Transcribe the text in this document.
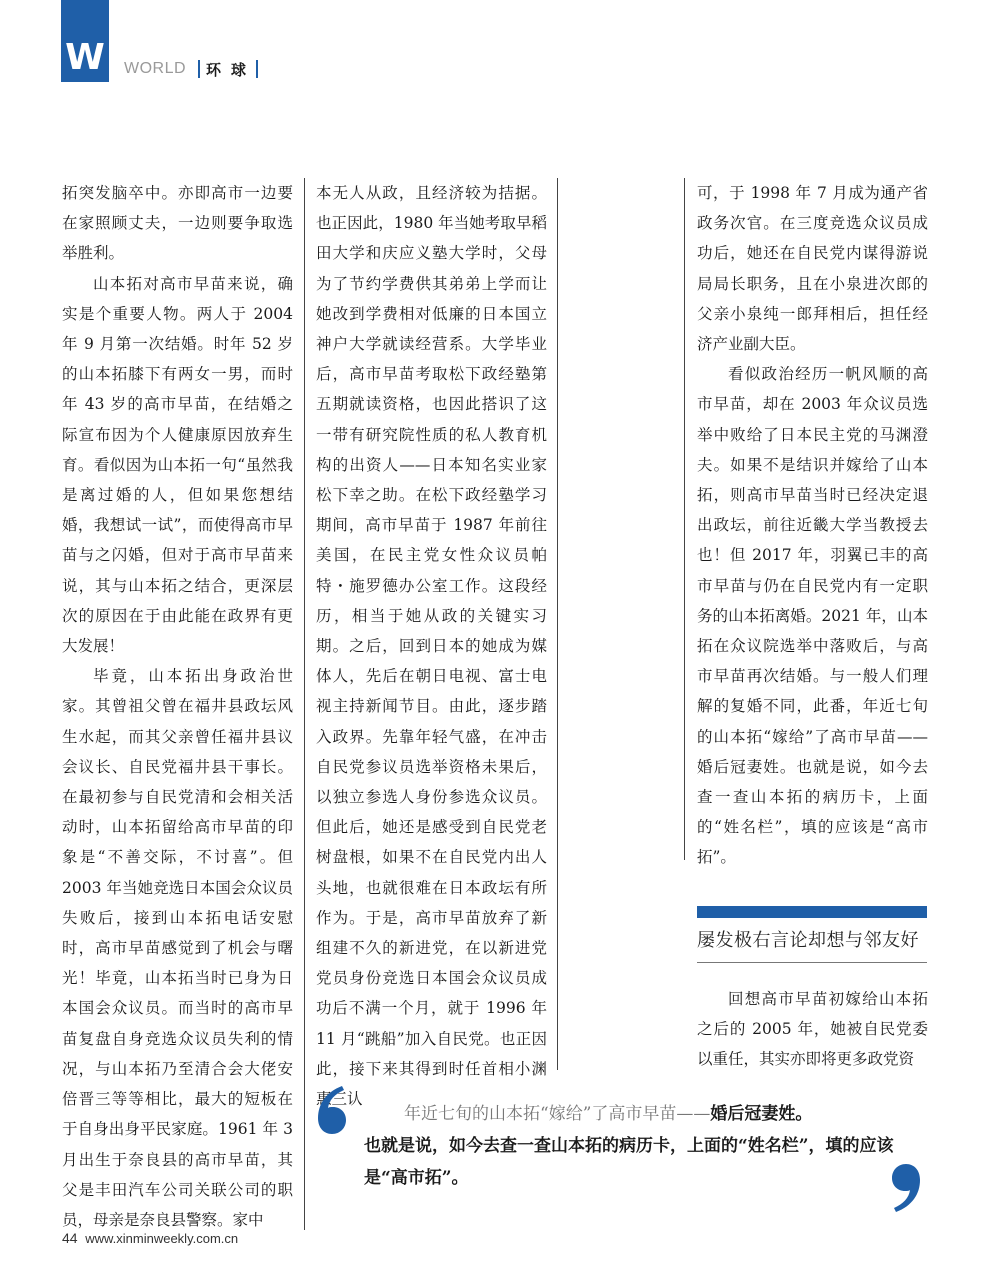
W WORLD 环球

拓突发脑卒中。亦即高市一边要在家照顾丈夫，一边则要争取选举胜利。

山本拓对高市早苗来说，确实是个重要人物。两人于 2004 年 9 月第一次结婚。时年 52 岁的山本拓膝下有两女一男，而时年 43 岁的高市早苗，在结婚之际宣布因为个人健康原因放弃生育。看似因为山本拓一句“虽然我是离过婚的人，但如果您想结婚，我想试一试”，而使得高市早苗与之闪婚，但对于高市早苗来说，其与山本拓之结合，更深层次的原因在于由此能在政界有更大发展！

毕竟，山本拓出身政治世家。其曾祖父曾在福井县政坛风生水起，而其父亲曾任福井县议会议长、自民党福井县干事长。在最初参与自民党清和会相关活动时，山本拓留给高市早苗的印象是“不善交际，不讨喜”。但 2003 年当她竞选日本国会众议员失败后，接到山本拓电话安慰时，高市早苗感觉到了机会与曙光！毕竟，山本拓当时已身为日本国会众议员。而当时的高市早苗复盘自身竞选众议员失利的情况，与山本拓乃至清合会大佬安倍晋三等等相比，最大的短板在于自身出身平民家庭。1961 年 3 月出生于奈良县的高市早苗，其父是丰田汽车公司关联公司的职员，母亲是奈良县警察。家中

本无人从政，且经济较为拮据。也正因此，1980 年当她考取早稻田大学和庆应义塾大学时，父母为了节约学费供其弟弟上学而让她改到学费相对低廉的日本国立神户大学就读经营系。大学毕业后，高市早苗考取松下政经塾第五期就读资格，也因此搭识了这一带有研究院性质的私人教育机构的出资人——日本知名实业家松下幸之助。在松下政经塾学习期间，高市早苗于 1987 年前往美国，在民主党女性众议员帕特・施罗德办公室工作。这段经历，相当于她从政的关键实习期。之后，回到日本的她成为媒体人，先后在朝日电视、富士电视主持新闻节目。由此，逐步踏入政界。先靠年轻气盛，在冲击自民党参议员选举资格未果后，以独立参选人身份参选众议员。但此后，她还是感受到自民党老树盘根，如果不在自民党内出人头地，也就很难在日本政坛有所作为。于是，高市早苗放弃了新组建不久的新进党，在以新进党党员身份竞选日本国会众议员成功后不满一个月，就于 1996 年 11 月“跳船”加入自民党。也正因此，接下来其得到时任首相小渊惠三认

可，于 1998 年 7 月成为通产省政务次官。在三度竞选众议员成功后，她还在自民党内谋得游说局局长职务，且在小泉进次郎的父亲小泉纯一郎拜相后，担任经济产业副大臣。

看似政治经历一帆风顺的高市早苗，却在 2003 年众议员选举中败给了日本民主党的马渊澄夫。如果不是结识并嫁给了山本拓，则高市早苗当时已经决定退出政坛，前往近畿大学当教授去也！但 2017 年，羽翼已丰的高市早苗与仍在自民党内有一定职务的山本拓离婚。2021 年，山本拓在众议院选举中落败后，与高市早苗再次结婚。与一般人们理解的复婚不同，此番，年近七旬的山本拓“嫁给”了高市早苗——婚后冠妻姓。也就是说，如今去查一查山本拓的病历卡，上面的“姓名栏”，填的应该是“高市拓”。

屡发极右言论却想与邻友好

回想高市早苗初嫁给山本拓之后的 2005 年，她被自民党委以重任，其实亦即将更多政党资

年近七旬的山本拓“嫁给”了高市早苗——婚后冠妻姓。
也就是说，如今去查一查山本拓的病历卡，上面的“姓名栏”，填的应该是“高市拓”。
44 www.xinminweekly.com.cn
